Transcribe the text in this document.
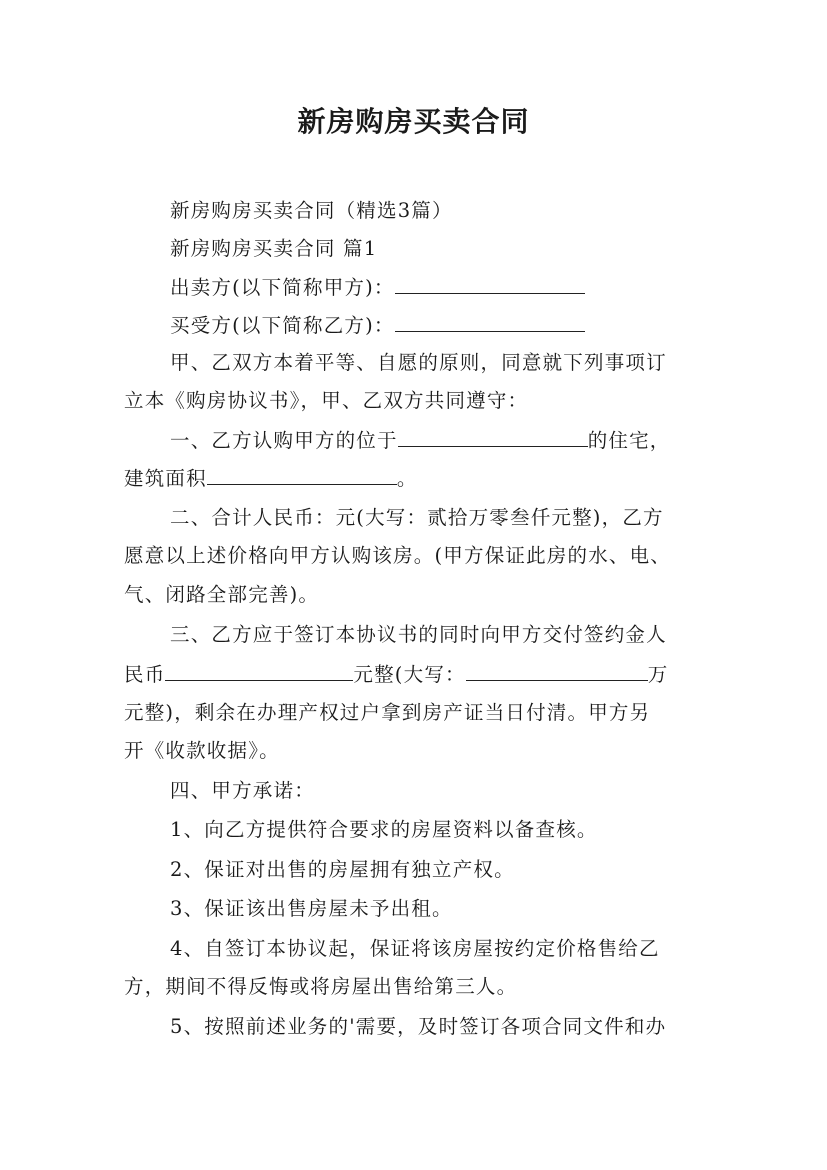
新房购房买卖合同

新房购房买卖合同（精选3篇）

新房购房买卖合同 篇1

出卖方(以下简称甲方)：

买受方(以下简称乙方)：

甲、乙双方本着平等、自愿的原则，同意就下列事项订

立本《购房协议书》，甲、乙双方共同遵守：

一、乙方认购甲方的位于	的住宅，

建筑面积	。

二、合计人民币：元(大写：贰拾万零叁仟元整)，乙方

愿意以上述价格向甲方认购该房。(甲方保证此房的水、电、

气、闭路全部完善)。

三、乙方应于签订本协议书的同时向甲方交付签约金人

民币	元整(大写：	万

元整)，剩余在办理产权过户拿到房产证当日付清。甲方另

开《收款收据》。

四、甲方承诺：

1、向乙方提供符合要求的房屋资料以备查核。

2、保证对出售的房屋拥有独立产权。

3、保证该出售房屋未予出租。

4、自签订本协议起，保证将该房屋按约定价格售给乙

方，期间不得反悔或将房屋出售给第三人。

5、按照前述业务的'需要，及时签订各项合同文件和办
